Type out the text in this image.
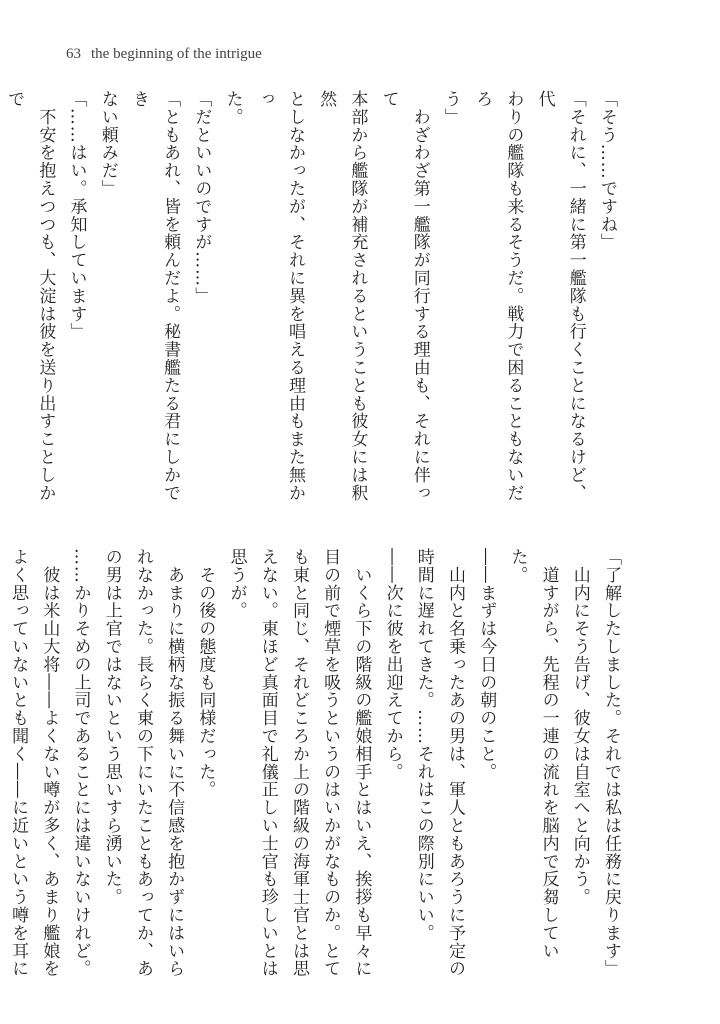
63 the beginning of the intrigue

「そう……ですね」

「それに、一緒に第一艦隊も行くことになるけど、代

わりの艦隊も来るそうだ。戦力で困ることもないだろ

う」

　わざわざ第一艦隊が同行する理由も、それに伴って

本部から艦隊が補充されるということも彼女には釈然

としなかったが、それに異を唱える理由もまた無かっ

た。

「だといいのですが……」

「ともあれ、皆を頼んだよ。秘書艦たる君にしかでき

ない頼みだ」

「……はい。承知しています」

　不安を抱えつつも、大淀は彼を送り出すことしかで

「了解したしました。それでは私は任務に戻ります」

　山内にそう告げ、彼女は自室へと向かう。

　道すがら、先程の一連の流れを脳内で反芻していた。

――まずは今日の朝のこと。

　山内と名乗ったあの男は、軍人ともあろうに予定の

時間に遅れてきた。……それはこの際別にいい。

――次に彼を出迎えてから。

　いくら下の階級の艦娘相手とはいえ、挨拶も早々に

目の前で煙草を吸うというのはいかがなものか。とて

も東と同じ、それどころか上の階級の海軍士官とは思

えない。東ほど真面目で礼儀正しい士官も珍しいとは

思うが。

　その後の態度も同様だった。

　あまりに横柄な振る舞いに不信感を抱かずにはいら

れなかった。長らく東の下にいたこともあってか、あ

の男は上官ではないという思いすら湧いた。

……かりそめの上司であることには違いないけれど。

　彼は米山大将――よくない噂が多く、あまり艦娘を

よく思っていないとも聞く――に近いという噂を耳に
